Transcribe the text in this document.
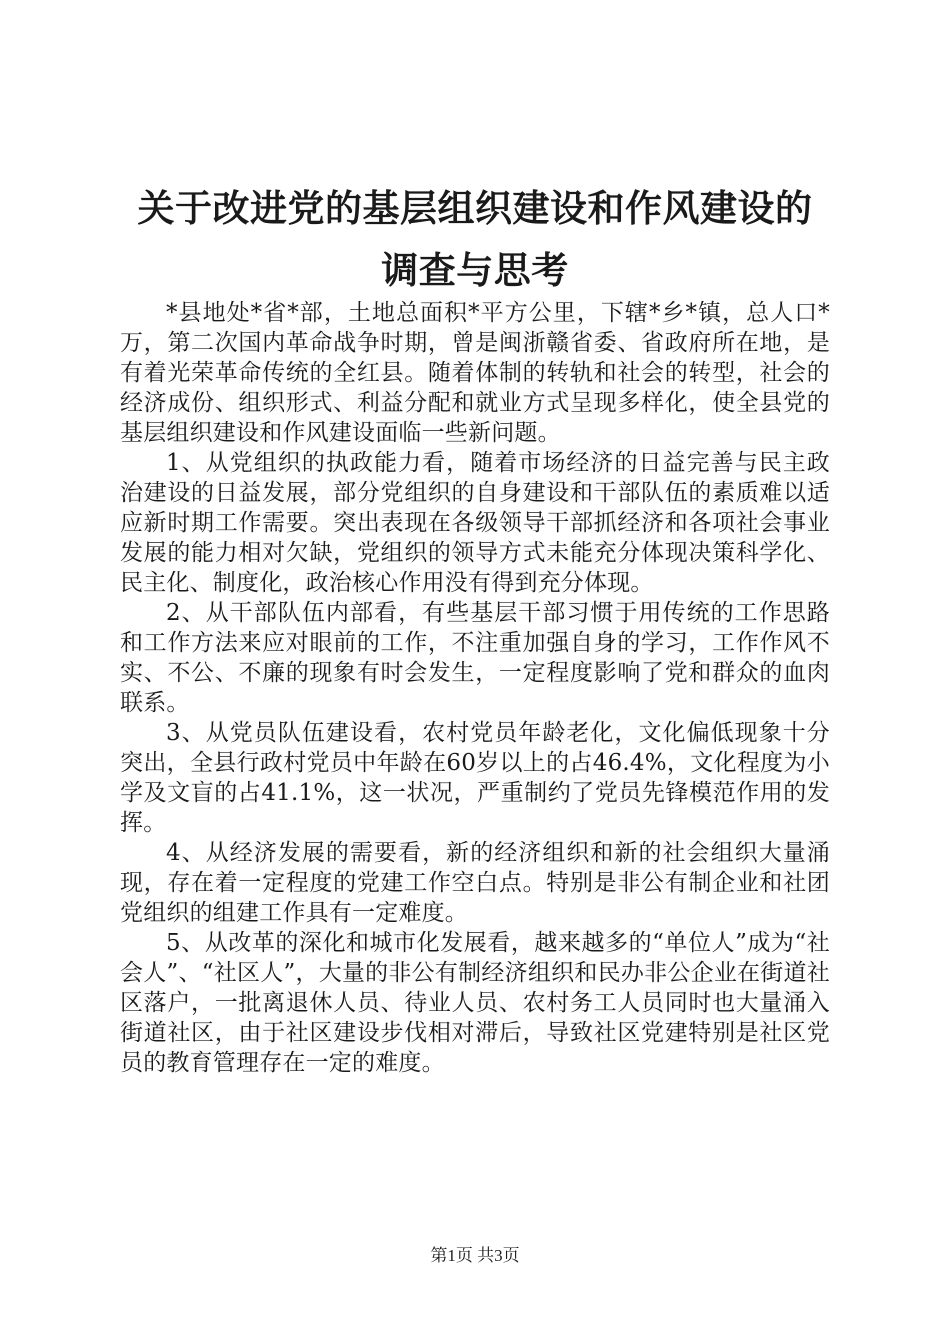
关于改进党的基层组织建设和作风建设的调查与思考

*县地处*省*部，土地总面积*平方公里，下辖*乡*镇，总人口*万，第二次国内革命战争时期，曾是闽浙赣省委、省政府所在地，是有着光荣革命传统的全红县。随着体制的转轨和社会的转型，社会的经济成份、组织形式、利益分配和就业方式呈现多样化，使全县党的基层组织建设和作风建设面临一些新问题。

1、从党组织的执政能力看，随着市场经济的日益完善与民主政治建设的日益发展，部分党组织的自身建设和干部队伍的素质难以适应新时期工作需要。突出表现在各级领导干部抓经济和各项社会事业发展的能力相对欠缺，党组织的领导方式未能充分体现决策科学化、民主化、制度化，政治核心作用没有得到充分体现。

2、从干部队伍内部看，有些基层干部习惯于用传统的工作思路和工作方法来应对眼前的工作，不注重加强自身的学习，工作作风不实、不公、不廉的现象有时会发生，一定程度影响了党和群众的血肉联系。

3、从党员队伍建设看，农村党员年龄老化，文化偏低现象十分突出，全县行政村党员中年龄在60岁以上的占46.4%，文化程度为小学及文盲的占41.1%，这一状况，严重制约了党员先锋模范作用的发挥。

4、从经济发展的需要看，新的经济组织和新的社会组织大量涌现，存在着一定程度的党建工作空白点。特别是非公有制企业和社团党组织的组建工作具有一定难度。

5、从改革的深化和城市化发展看，越来越多的“单位人”成为“社会人”、“社区人”，大量的非公有制经济组织和民办非公企业在街道社区落户，一批离退休人员、待业人员、农村务工人员同时也大量涌入街道社区，由于社区建设步伐相对滞后，导致社区党建特别是社区党员的教育管理存在一定的难度。

第1页 共3页
